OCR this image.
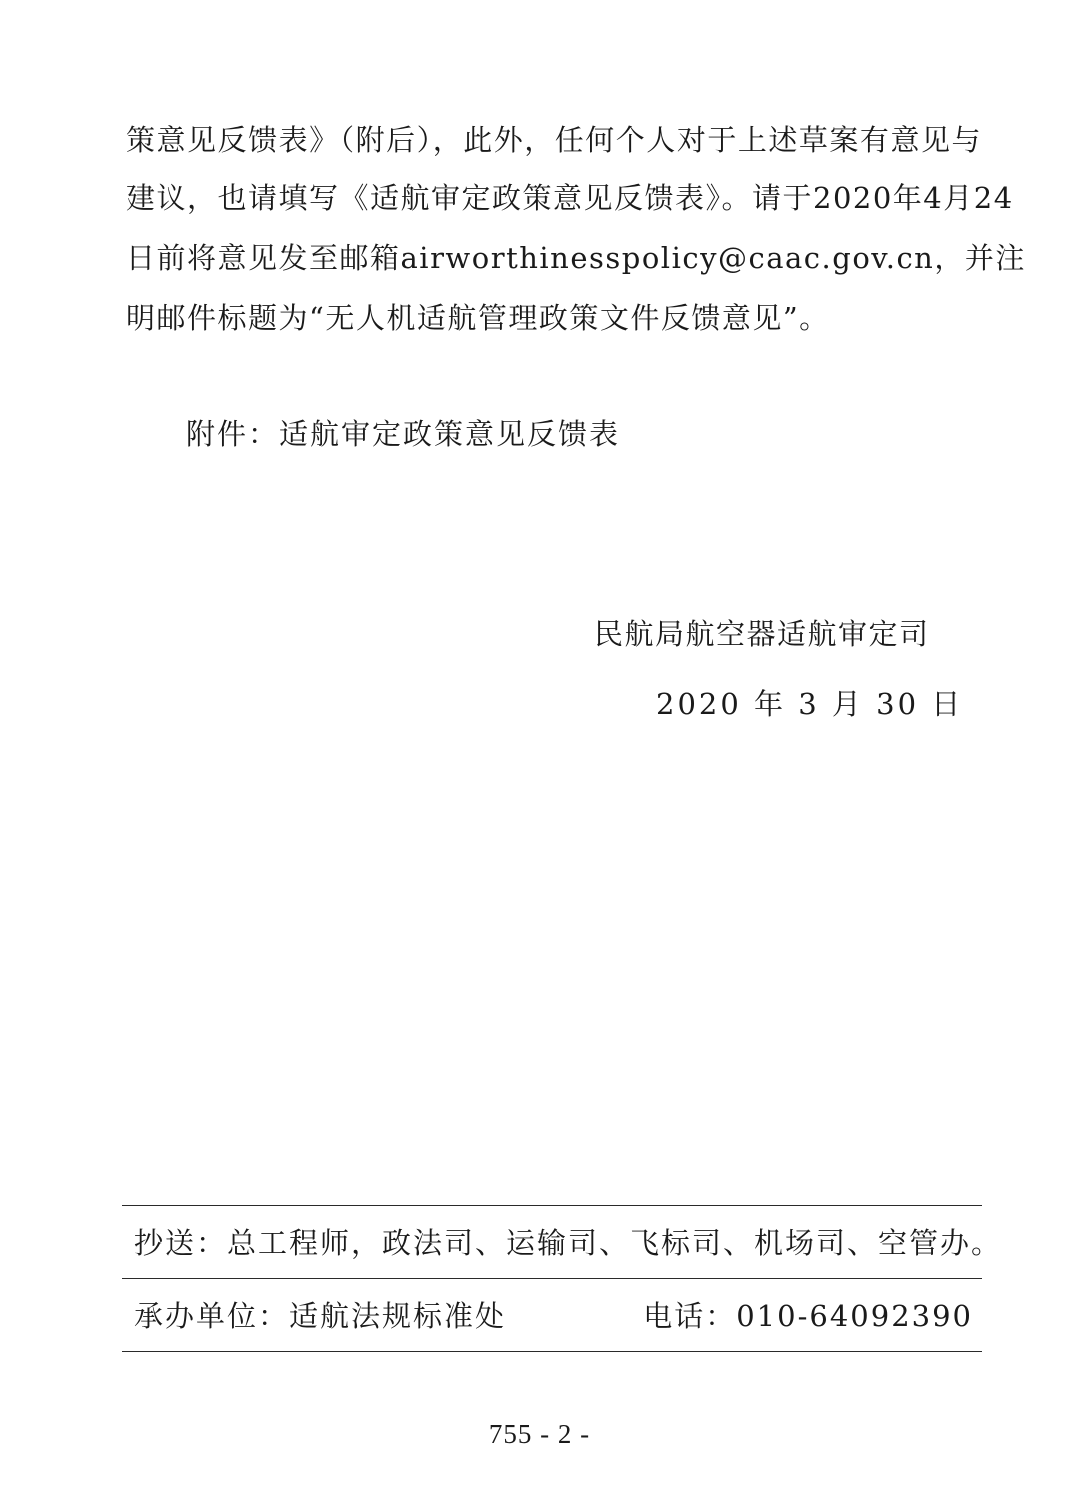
策意见反馈表》（附后），此外，任何个人对于上述草案有意见与
建议，也请填写《适航审定政策意见反馈表》。请于2020年4月24
日前将意见发至邮箱airworthinesspolicy@caac.gov.cn，并注
明邮件标题为“无人机适航管理政策文件反馈意见”。
附件：适航审定政策意见反馈表
民航局航空器适航审定司
2020 年 3 月 30 日
抄送：总工程师，政法司、运输司、飞标司、机场司、空管办。
承办单位：适航法规标准处	电话：010-64092390
755 - 2 -
